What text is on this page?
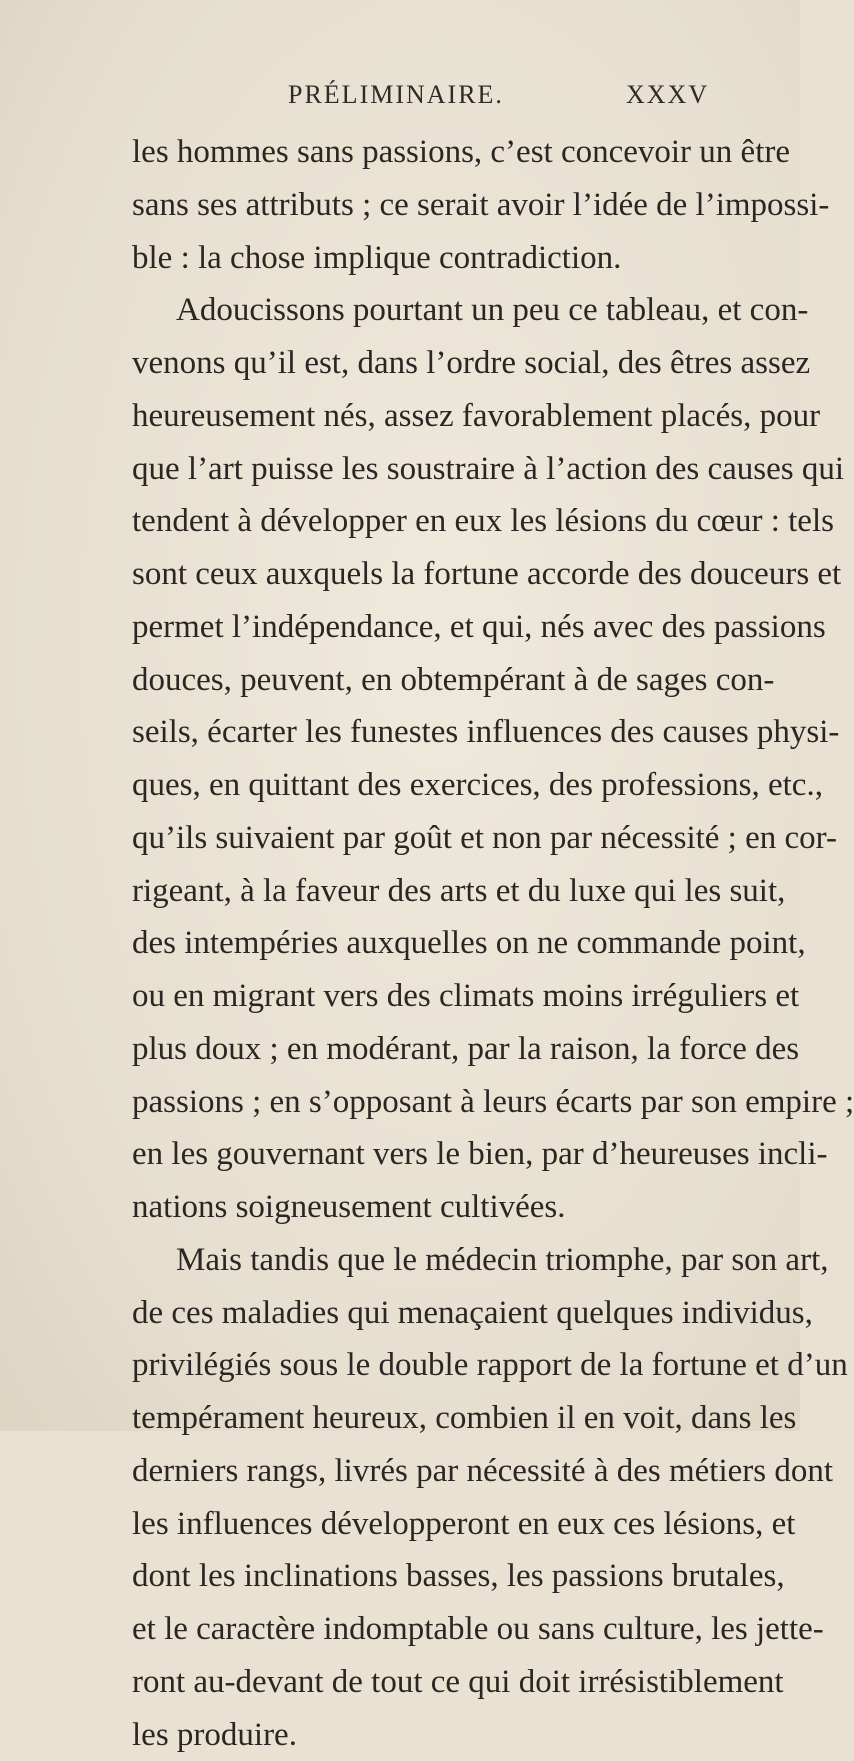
PRÉLIMINAIRE.	XXXV
les hommes sans passions, c’est concevoir un être
sans ses attributs ; ce serait avoir l’idée de l’impossi-
ble : la chose implique contradiction.
Adoucissons pourtant un peu ce tableau, et con-
venons qu’il est, dans l’ordre social, des êtres assez
heureusement nés, assez favorablement placés, pour
que l’art puisse les soustraire à l’action des causes qui
tendent à développer en eux les lésions du cœur : tels
sont ceux auxquels la fortune accorde des douceurs et
permet l’indépendance, et qui, nés avec des passions
douces, peuvent, en obtempérant à de sages con-
seils, écarter les funestes influences des causes physi-
ques, en quittant des exercices, des professions, etc.,
qu’ils suivaient par goût et non par nécessité ; en cor-
rigeant, à la faveur des arts et du luxe qui les suit,
des intempéries auxquelles on ne commande point,
ou en migrant vers des climats moins irréguliers et
plus doux ; en modérant, par la raison, la force des
passions ; en s’opposant à leurs écarts par son empire ;
en les gouvernant vers le bien, par d’heureuses incli-
nations soigneusement cultivées.
Mais tandis que le médecin triomphe, par son art,
de ces maladies qui menaçaient quelques individus,
privilégiés sous le double rapport de la fortune et d’un
tempérament heureux, combien il en voit, dans les
derniers rangs, livrés par nécessité à des métiers dont
les influences développeront en eux ces lésions, et
dont les inclinations basses, les passions brutales,
et le caractère indomptable ou sans culture, les jette-
ront au-devant de tout ce qui doit irrésistiblement
les produire.
